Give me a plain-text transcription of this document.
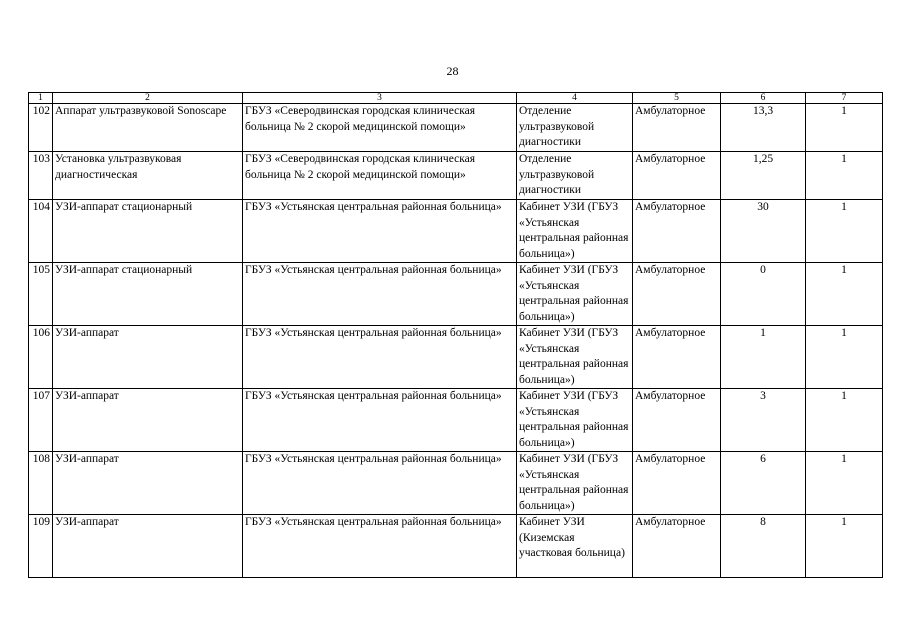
28
1	2	3	4	5	6	7
102	Аппарат ультразвуковой Sonoscape	ГБУЗ «Северодвинская городская клиническая больница № 2 скорой медицинской помощи»	Отделение ультразвуковой диагностики	Амбулаторное	13,3	1
103	Установка ультразвуковая диагностическая	ГБУЗ «Северодвинская городская клиническая больница № 2 скорой медицинской помощи»	Отделение ультразвуковой диагностики	Амбулаторное	1,25	1
104	УЗИ-аппарат стационарный	ГБУЗ «Устьянская центральная районная больница»	Кабинет УЗИ (ГБУЗ «Устьянская центральная районная больница»)	Амбулаторное	30	1
105	УЗИ-аппарат стационарный	ГБУЗ «Устьянская центральная районная больница»	Кабинет УЗИ (ГБУЗ «Устьянская центральная районная больница»)	Амбулаторное	0	1
106	УЗИ-аппарат	ГБУЗ «Устьянская центральная районная больница»	Кабинет УЗИ (ГБУЗ «Устьянская центральная районная больница»)	Амбулаторное	1	1
107	УЗИ-аппарат	ГБУЗ «Устьянская центральная районная больница»	Кабинет УЗИ (ГБУЗ «Устьянская центральная районная больница»)	Амбулаторное	3	1
108	УЗИ-аппарат	ГБУЗ «Устьянская центральная районная больница»	Кабинет УЗИ (ГБУЗ «Устьянская центральная районная больница»)	Амбулаторное	6	1
109	УЗИ-аппарат	ГБУЗ «Устьянская центральная районная больница»	Кабинет УЗИ (Киземская участковая больница)	Амбулаторное	8	1
